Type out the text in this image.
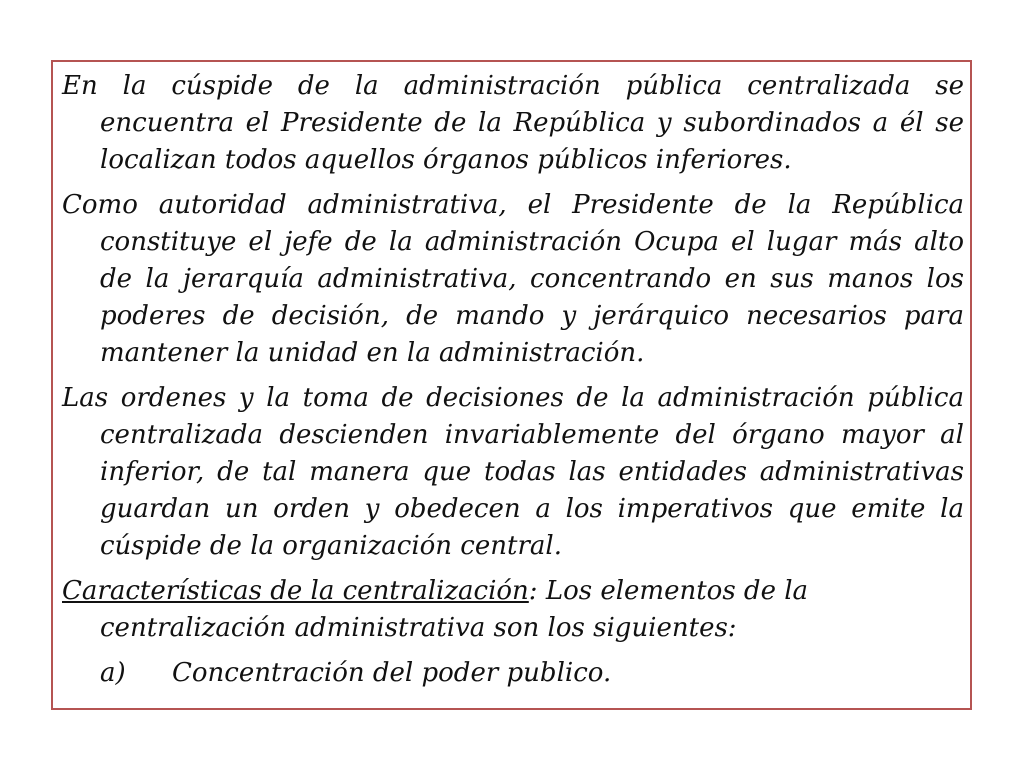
En la cúspide de la administración pública centralizada se encuentra el Presidente de la República y subordinados a él se localizan todos aquellos órganos públicos inferiores.

Como autoridad administrativa, el Presidente de la República constituye el jefe de la administración Ocupa el lugar más alto de la jerarquía administrativa, concentrando en sus manos los poderes de decisión, de mando y jerárquico necesarios para mantener la unidad en la administración.

Las ordenes y la toma de decisiones de la administración pública centralizada descienden invariablemente del órgano mayor al inferior, de tal manera que todas las entidades administrativas guardan un orden y obedecen a los imperativos que emite la cúspide de la organización central.

Características de la centralización: Los elementos de la centralización administrativa son los siguientes:

a) Concentración del poder publico.
